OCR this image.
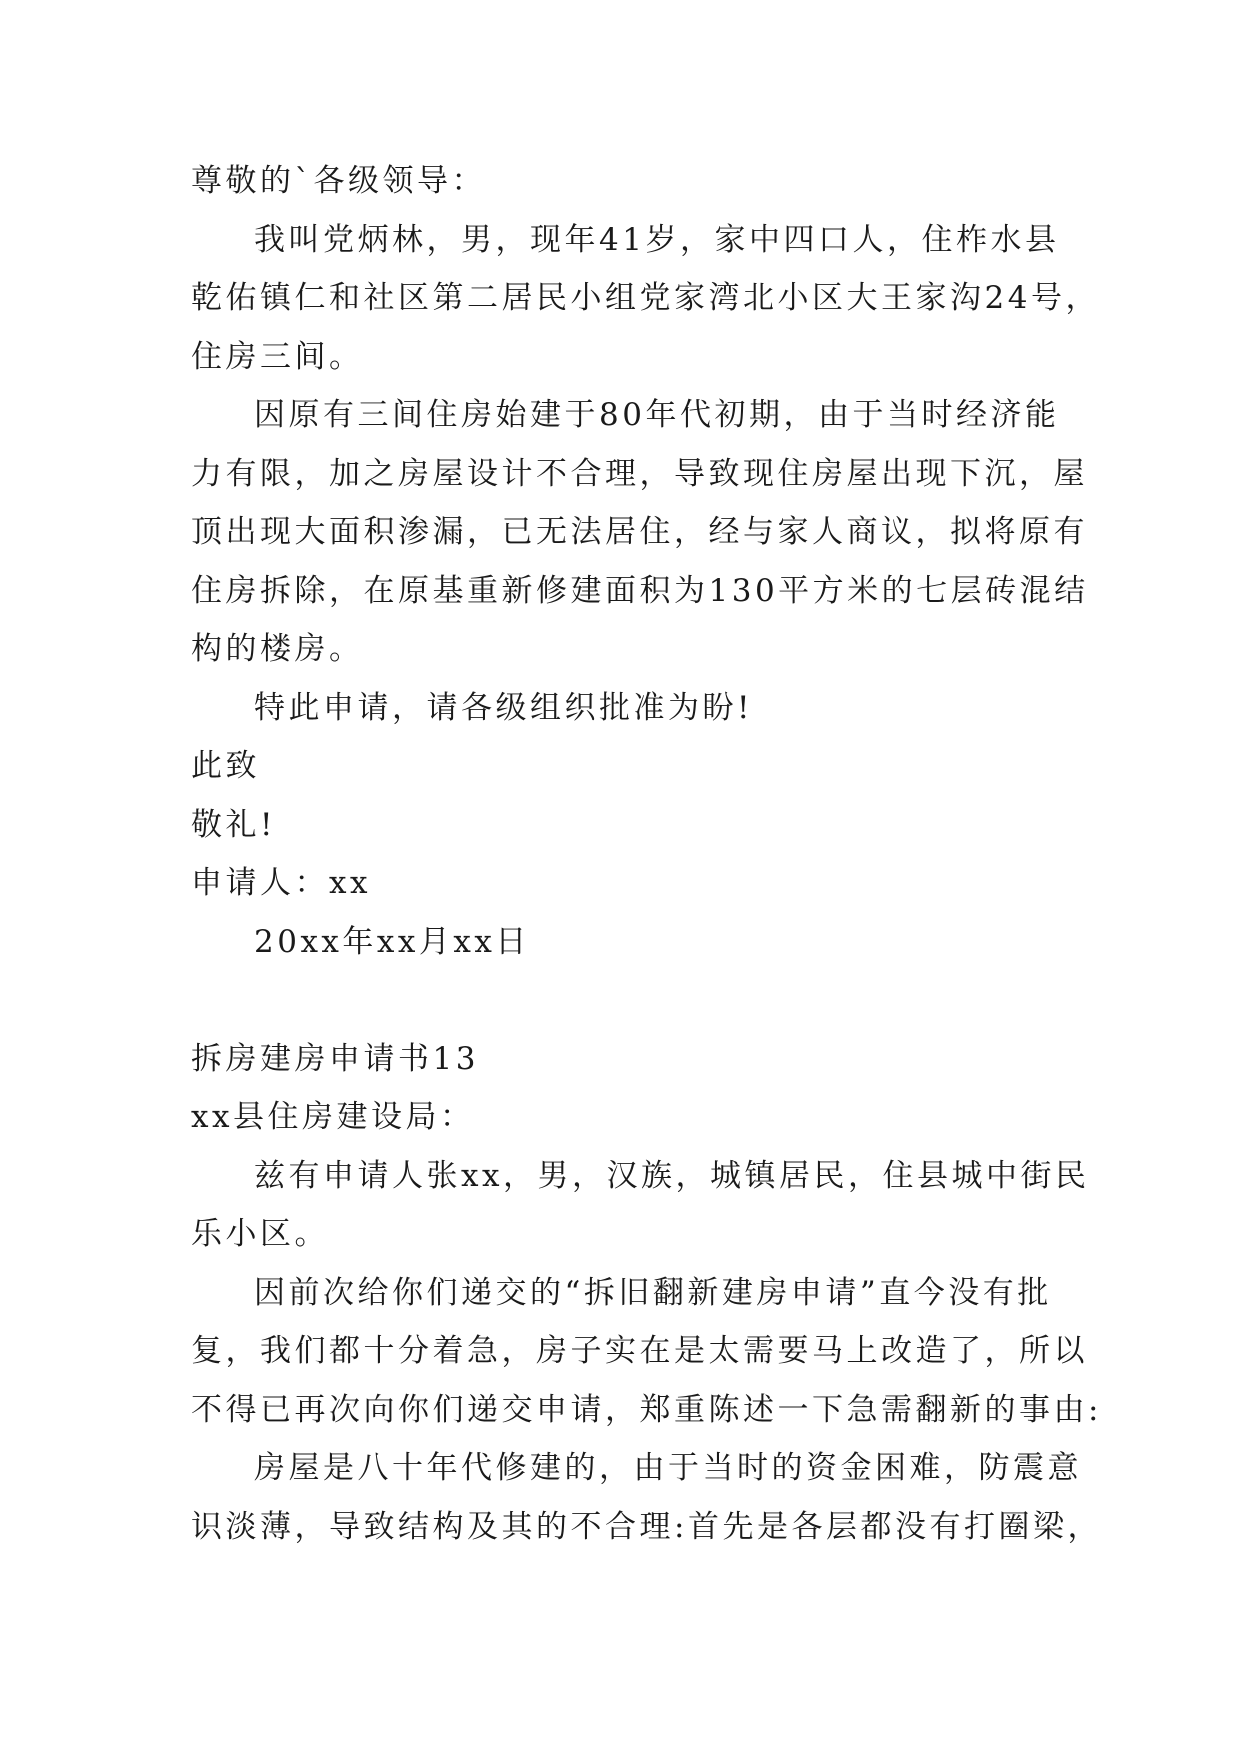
尊敬的`各级领导：
我叫党炳林，男，现年41岁，家中四口人，住柞水县
乾佑镇仁和社区第二居民小组党家湾北小区大王家沟24号，
住房三间。
因原有三间住房始建于80年代初期，由于当时经济能
力有限，加之房屋设计不合理，导致现住房屋出现下沉，屋
顶出现大面积渗漏，已无法居住，经与家人商议，拟将原有
住房拆除，在原基重新修建面积为130平方米的七层砖混结
构的楼房。
特此申请，请各级组织批准为盼!
此致
敬礼!
申请人：xx
20xx年xx月xx日
拆房建房申请书13
xx县住房建设局：
兹有申请人张xx，男，汉族，城镇居民，住县城中街民
乐小区。
因前次给你们递交的“拆旧翻新建房申请”直今没有批
复，我们都十分着急，房子实在是太需要马上改造了，所以
不得已再次向你们递交申请，郑重陈述一下急需翻新的事由:
房屋是八十年代修建的，由于当时的资金困难，防震意
识淡薄，导致结构及其的不合理:首先是各层都没有打圈梁，
